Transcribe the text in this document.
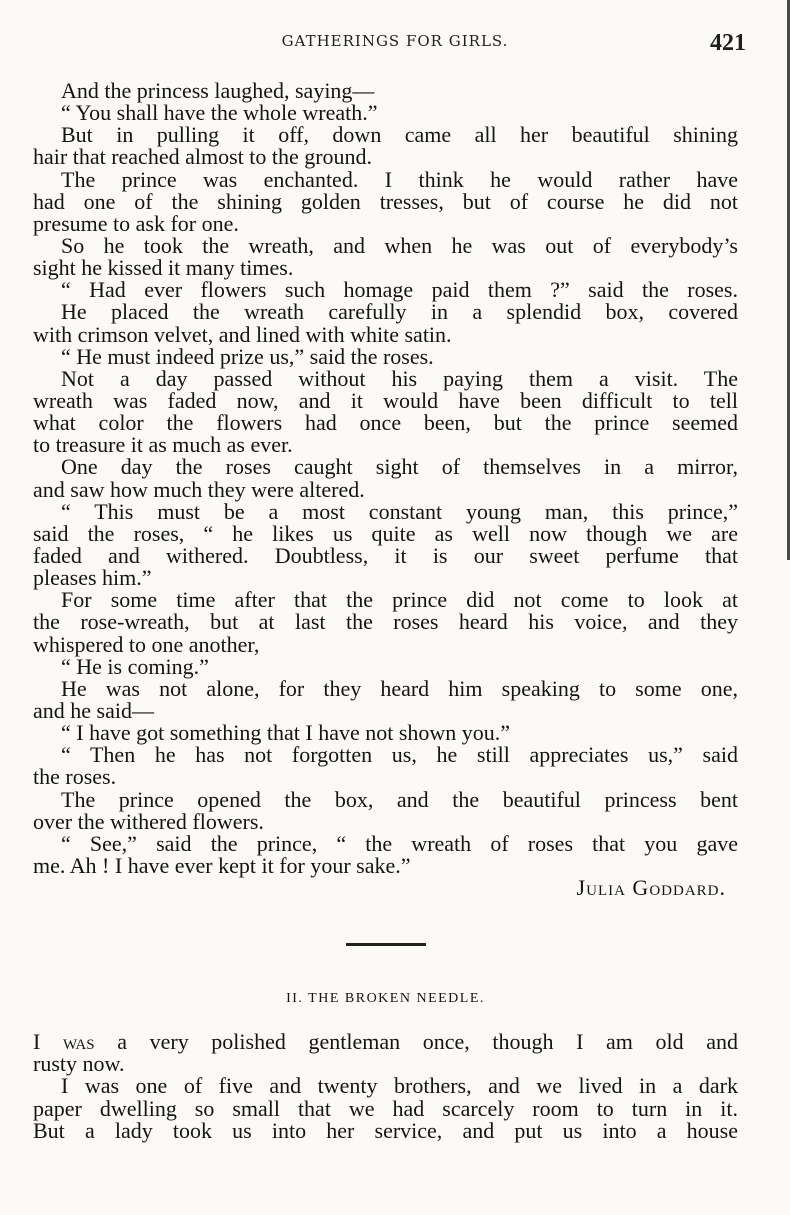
GATHERINGS FOR GIRLS.	421
And the princess laughed, saying—
“ You shall have the whole wreath.”
But in pulling it off, down came all her beautiful shining
hair that reached almost to the ground.
The prince was enchanted. I think he would rather have
had one of the shining golden tresses, but of course he did not
presume to ask for one.
So he took the wreath, and when he was out of everybody’s
sight he kissed it many times.
“ Had ever flowers such homage paid them ?” said the roses.
He placed the wreath carefully in a splendid box, covered
with crimson velvet, and lined with white satin.
“ He must indeed prize us,” said the roses.
Not a day passed without his paying them a visit. The
wreath was faded now, and it would have been difficult to tell
what color the flowers had once been, but the prince seemed
to treasure it as much as ever.
One day the roses caught sight of themselves in a mirror,
and saw how much they were altered.
“ This must be a most constant young man, this prince,”
said the roses, “ he likes us quite as well now though we are
faded and withered. Doubtless, it is our sweet perfume that
pleases him.”
For some time after that the prince did not come to look at
the rose-wreath, but at last the roses heard his voice, and they
whispered to one another,
“ He is coming.”
He was not alone, for they heard him speaking to some one,
and he said—
“ I have got something that I have not shown you.”
“ Then he has not forgotten us, he still appreciates us,” said
the roses.
The prince opened the box, and the beautiful princess bent
over the withered flowers.
“ See,” said the prince, “ the wreath of roses that you gave
me. Ah ! I have ever kept it for your sake.”
Julia Goddard.
II. THE BROKEN NEEDLE.
I was a very polished gentleman once, though I am old and
rusty now.
I was one of five and twenty brothers, and we lived in a dark
paper dwelling so small that we had scarcely room to turn in it.
But a lady took us into her service, and put us into a house
